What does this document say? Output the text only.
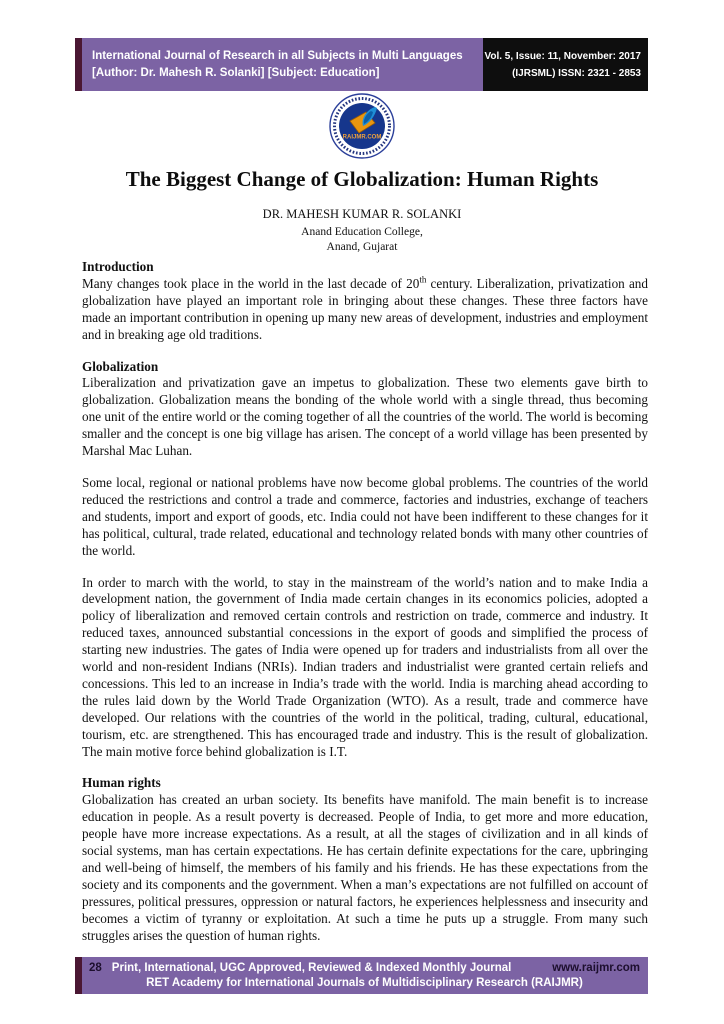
International Journal of Research in all Subjects in Multi Languages
[Author: Dr. Mahesh R. Solanki] [Subject: Education]
Vol. 5, Issue: 11, November: 2017
(IJRSML) ISSN: 2321 - 2853
RAIJMR.COM
The Biggest Change of Globalization: Human Rights

DR. MAHESH KUMAR R. SOLANKI

Anand Education College,

Anand, Gujarat

Introduction

Many changes took place in the world in the last decade of 20th century. Liberalization, privatization and globalization have played an important role in bringing about these changes. These three factors have made an important contribution in opening up many new areas of development, industries and employment and in breaking age old traditions.

Globalization

Liberalization and privatization gave an impetus to globalization. These two elements gave birth to globalization. Globalization means the bonding of the whole world with a single thread, thus becoming one unit of the entire world or the coming together of all the countries of the world. The world is becoming smaller and the concept is one big village has arisen. The concept of a world village has been presented by Marshal Mac Luhan.

Some local, regional or national problems have now become global problems. The countries of the world reduced the restrictions and control a trade and commerce, factories and industries, exchange of teachers and students, import and export of goods, etc. India could not have been indifferent to these changes for it has political, cultural, trade related, educational and technology related bonds with many other countries of the world.

In order to march with the world, to stay in the mainstream of the world’s nation and to make India a development nation, the government of India made certain changes in its economics policies, adopted a policy of liberalization and removed certain controls and restriction on trade, commerce and industry. It reduced taxes, announced substantial concessions in the export of goods and simplified the process of starting new industries. The gates of India were opened up for traders and industrialists from all over the world and non-resident Indians (NRIs). Indian traders and industrialist were granted certain reliefs and concessions. This led to an increase in India’s trade with the world. India is marching ahead according to the rules laid down by the World Trade Organization (WTO). As a result, trade and commerce have developed. Our relations with the countries of the world in the political, trading, cultural, educational, tourism, etc. are strengthened. This has encouraged trade and industry. This is the result of globalization. The main motive force behind globalization is I.T.

Human rights

Globalization has created an urban society. Its benefits have manifold. The main benefit is to increase education in people. As a result poverty is decreased. People of India, to get more and more education, people have more increase expectations. As a result, at all the stages of civilization and in all kinds of social systems, man has certain expectations. He has certain definite expectations for the care, upbringing and well-being of himself, the members of his family and his friends. He has these expectations from the society and its components and the government. When a man’s expectations are not fulfilled on account of pressures, political pressures, oppression or natural factors, he experiences helplessness and insecurity and becomes a victim of tyranny or exploitation. At such a time he puts up a struggle. From many such struggles arises the question of human rights.

28 Print, International, UGC Approved, Reviewed & Indexed Monthly Journal	www.raijmr.com
RET Academy for International Journals of Multidisciplinary Research (RAIJMR)
